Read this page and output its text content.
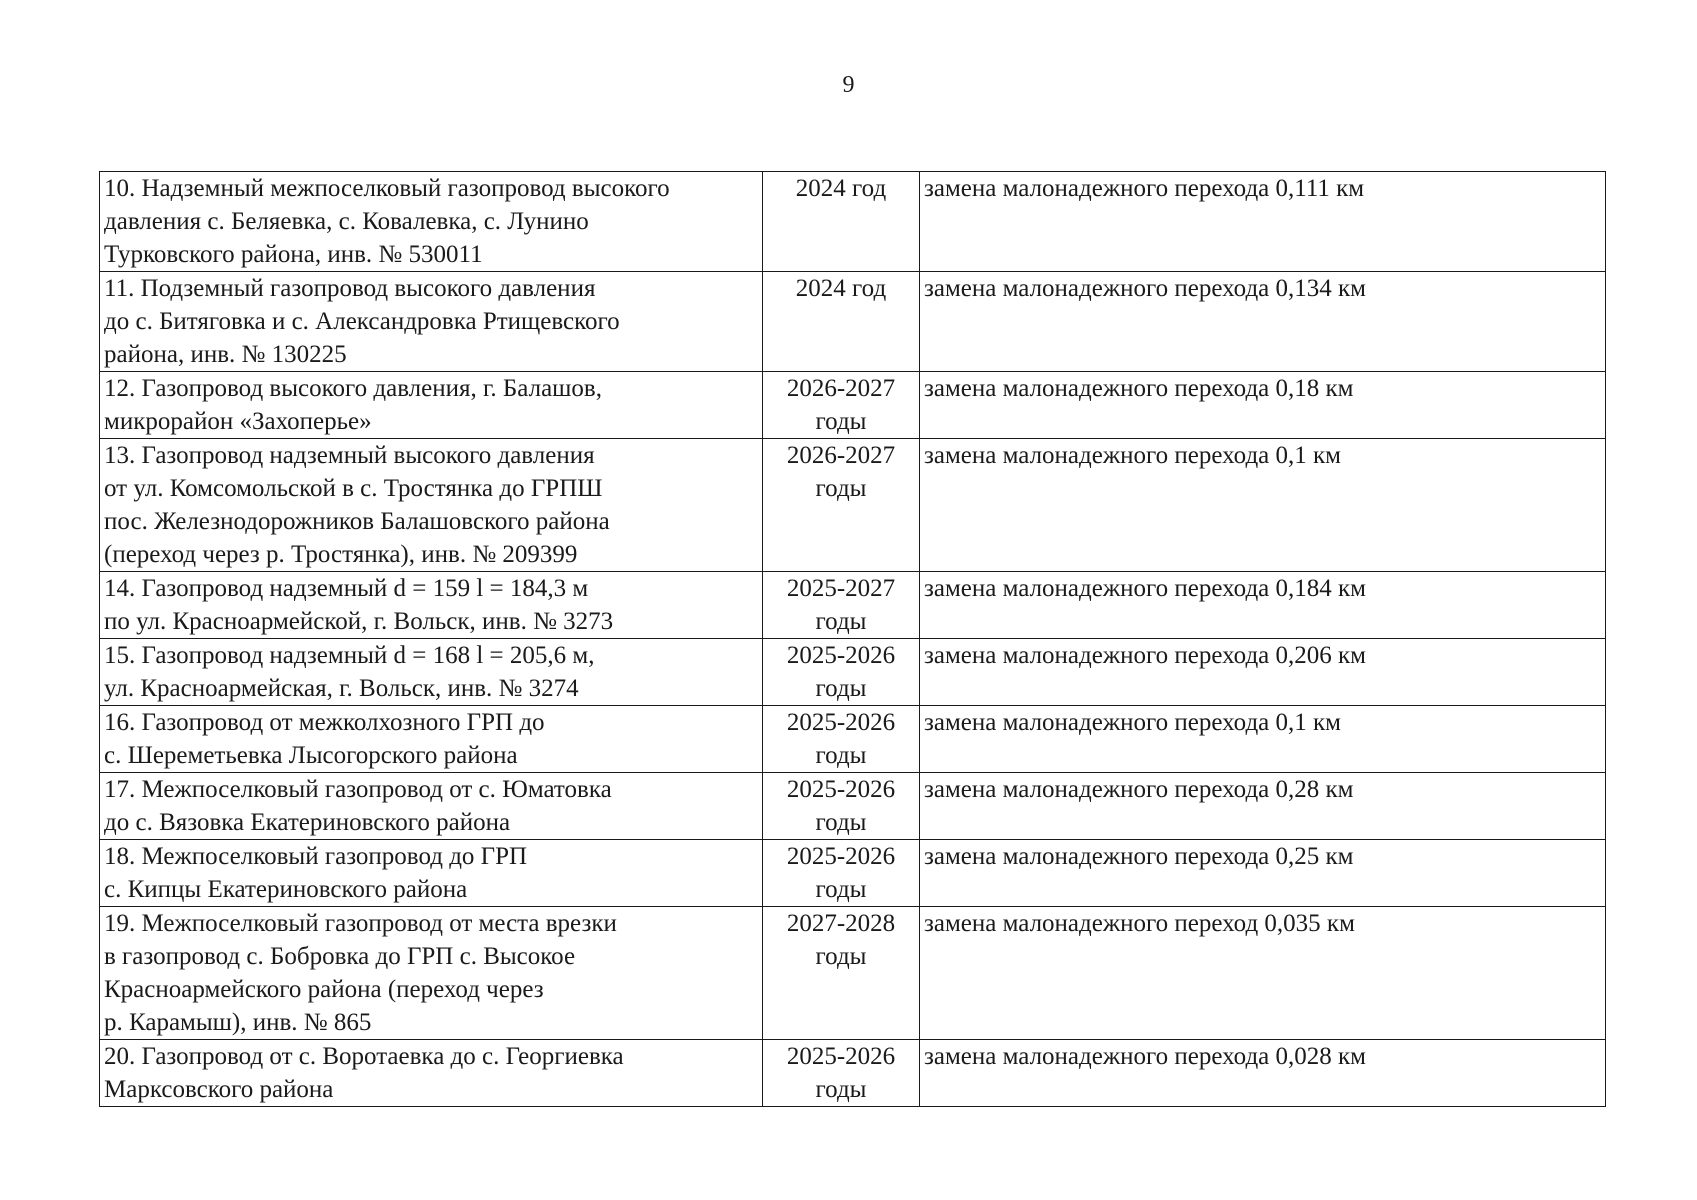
9
10. Надземный межпоселковый газопровод высокого
давления с. Беляевка, с. Ковалевка, с. Лунино
Турковского района, инв. № 530011	2024 год	замена малонадежного перехода 0,111 км
11. Подземный газопровод высокого давления
до с. Битяговка и с. Александровка Ртищевского
района, инв. № 130225	2024 год	замена малонадежного перехода 0,134 км
12. Газопровод высокого давления, г. Балашов,
микрорайон «Захоперье»	2026-2027
годы	замена малонадежного перехода 0,18 км
13. Газопровод надземный высокого давления
от ул. Комсомольской в с. Тростянка до ГРПШ
пос. Железнодорожников Балашовского района
(переход через р. Тростянка), инв. № 209399	2026-2027
годы	замена малонадежного перехода 0,1 км
14. Газопровод надземный d = 159 l = 184,3 м
по ул. Красноармейской, г. Вольск, инв. № 3273	2025-2027
годы	замена малонадежного перехода 0,184 км
15. Газопровод надземный d = 168 l = 205,6 м,
ул. Красноармейская, г. Вольск, инв. № 3274	2025-2026
годы	замена малонадежного перехода 0,206 км
16. Газопровод от межколхозного ГРП до
с. Шереметьевка Лысогорского района	2025-2026
годы	замена малонадежного перехода 0,1 км
17. Межпоселковый газопровод от с. Юматовка
до с. Вязовка Екатериновского района	2025-2026
годы	замена малонадежного перехода 0,28 км
18. Межпоселковый газопровод до ГРП
с. Кипцы Екатериновского района	2025-2026
годы	замена малонадежного перехода 0,25 км
19. Межпоселковый газопровод от места врезки
в газопровод с. Бобровка до ГРП с. Высокое
Красноармейского района (переход через
р. Карамыш), инв. № 865	2027-2028
годы	замена малонадежного переход 0,035 км
20. Газопровод от с. Воротаевка до с. Георгиевка
Марксовского района	2025-2026
годы	замена малонадежного перехода 0,028 км
